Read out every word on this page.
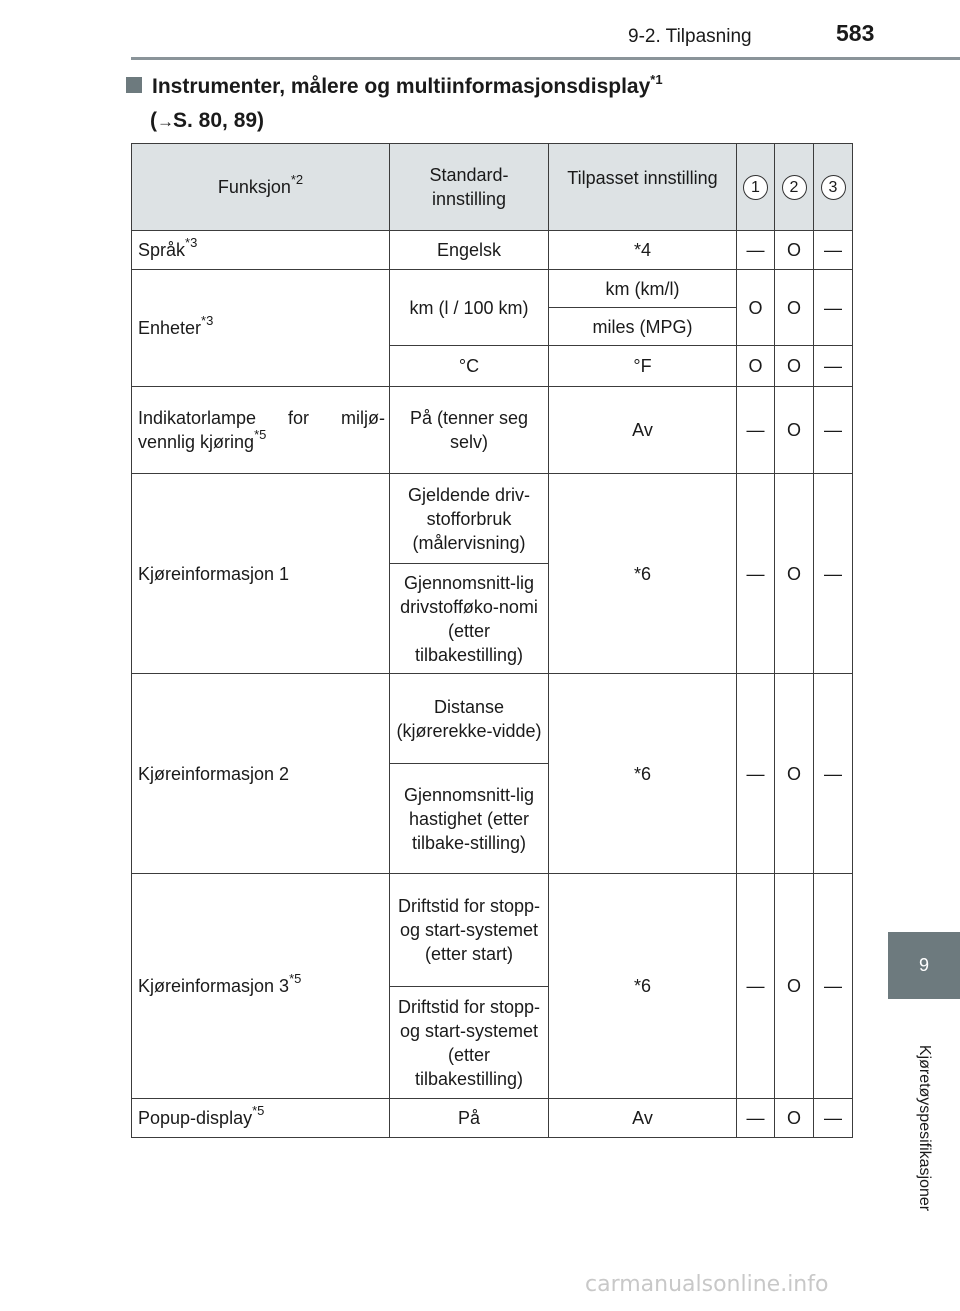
9-2. Tilpasning	583
9
Kjøretøyspesifikasjoner
Instrumenter, målere og multiinformasjonsdisplay$^{*1}$
(→S. 80, 89)
Funksjon$^{*2}$	Standard-innstilling	Tilpasset innstilling	1	2	3
Språk$^{*3}$	Engelsk	*4	—	O	—
Enheter$^{*3}$	km (l / 100 km)	km (km/l)	O	O	—
		miles (MPG)			
	°C	°F	O	O	—

Indikatorlampe for miljø-vennlig kjøring$^{*5}$	På (tenner seg selv)	Av	—	O	—
Kjøreinformasjon 1	Gjeldende driv-stofforbruk (målervisning)	*6	—	O	—
	Gjennomsnitt-lig drivstofføko-nomi (etter tilbakestilling)				
Kjøreinformasjon 2	Distanse (kjørerekke-vidde)	*6	—	O	—
	Gjennomsnitt-lig hastighet (etter tilbake-stilling)				
Kjøreinformasjon 3$^{*5}$	Driftstid for stopp- og start-systemet (etter start)	*6	—	O	—
	Driftstid for stopp- og start-systemet (etter tilbakestilling)				
Popup-display$^{*5}$	På	Av	—	O	—
carmanualsonline.info
